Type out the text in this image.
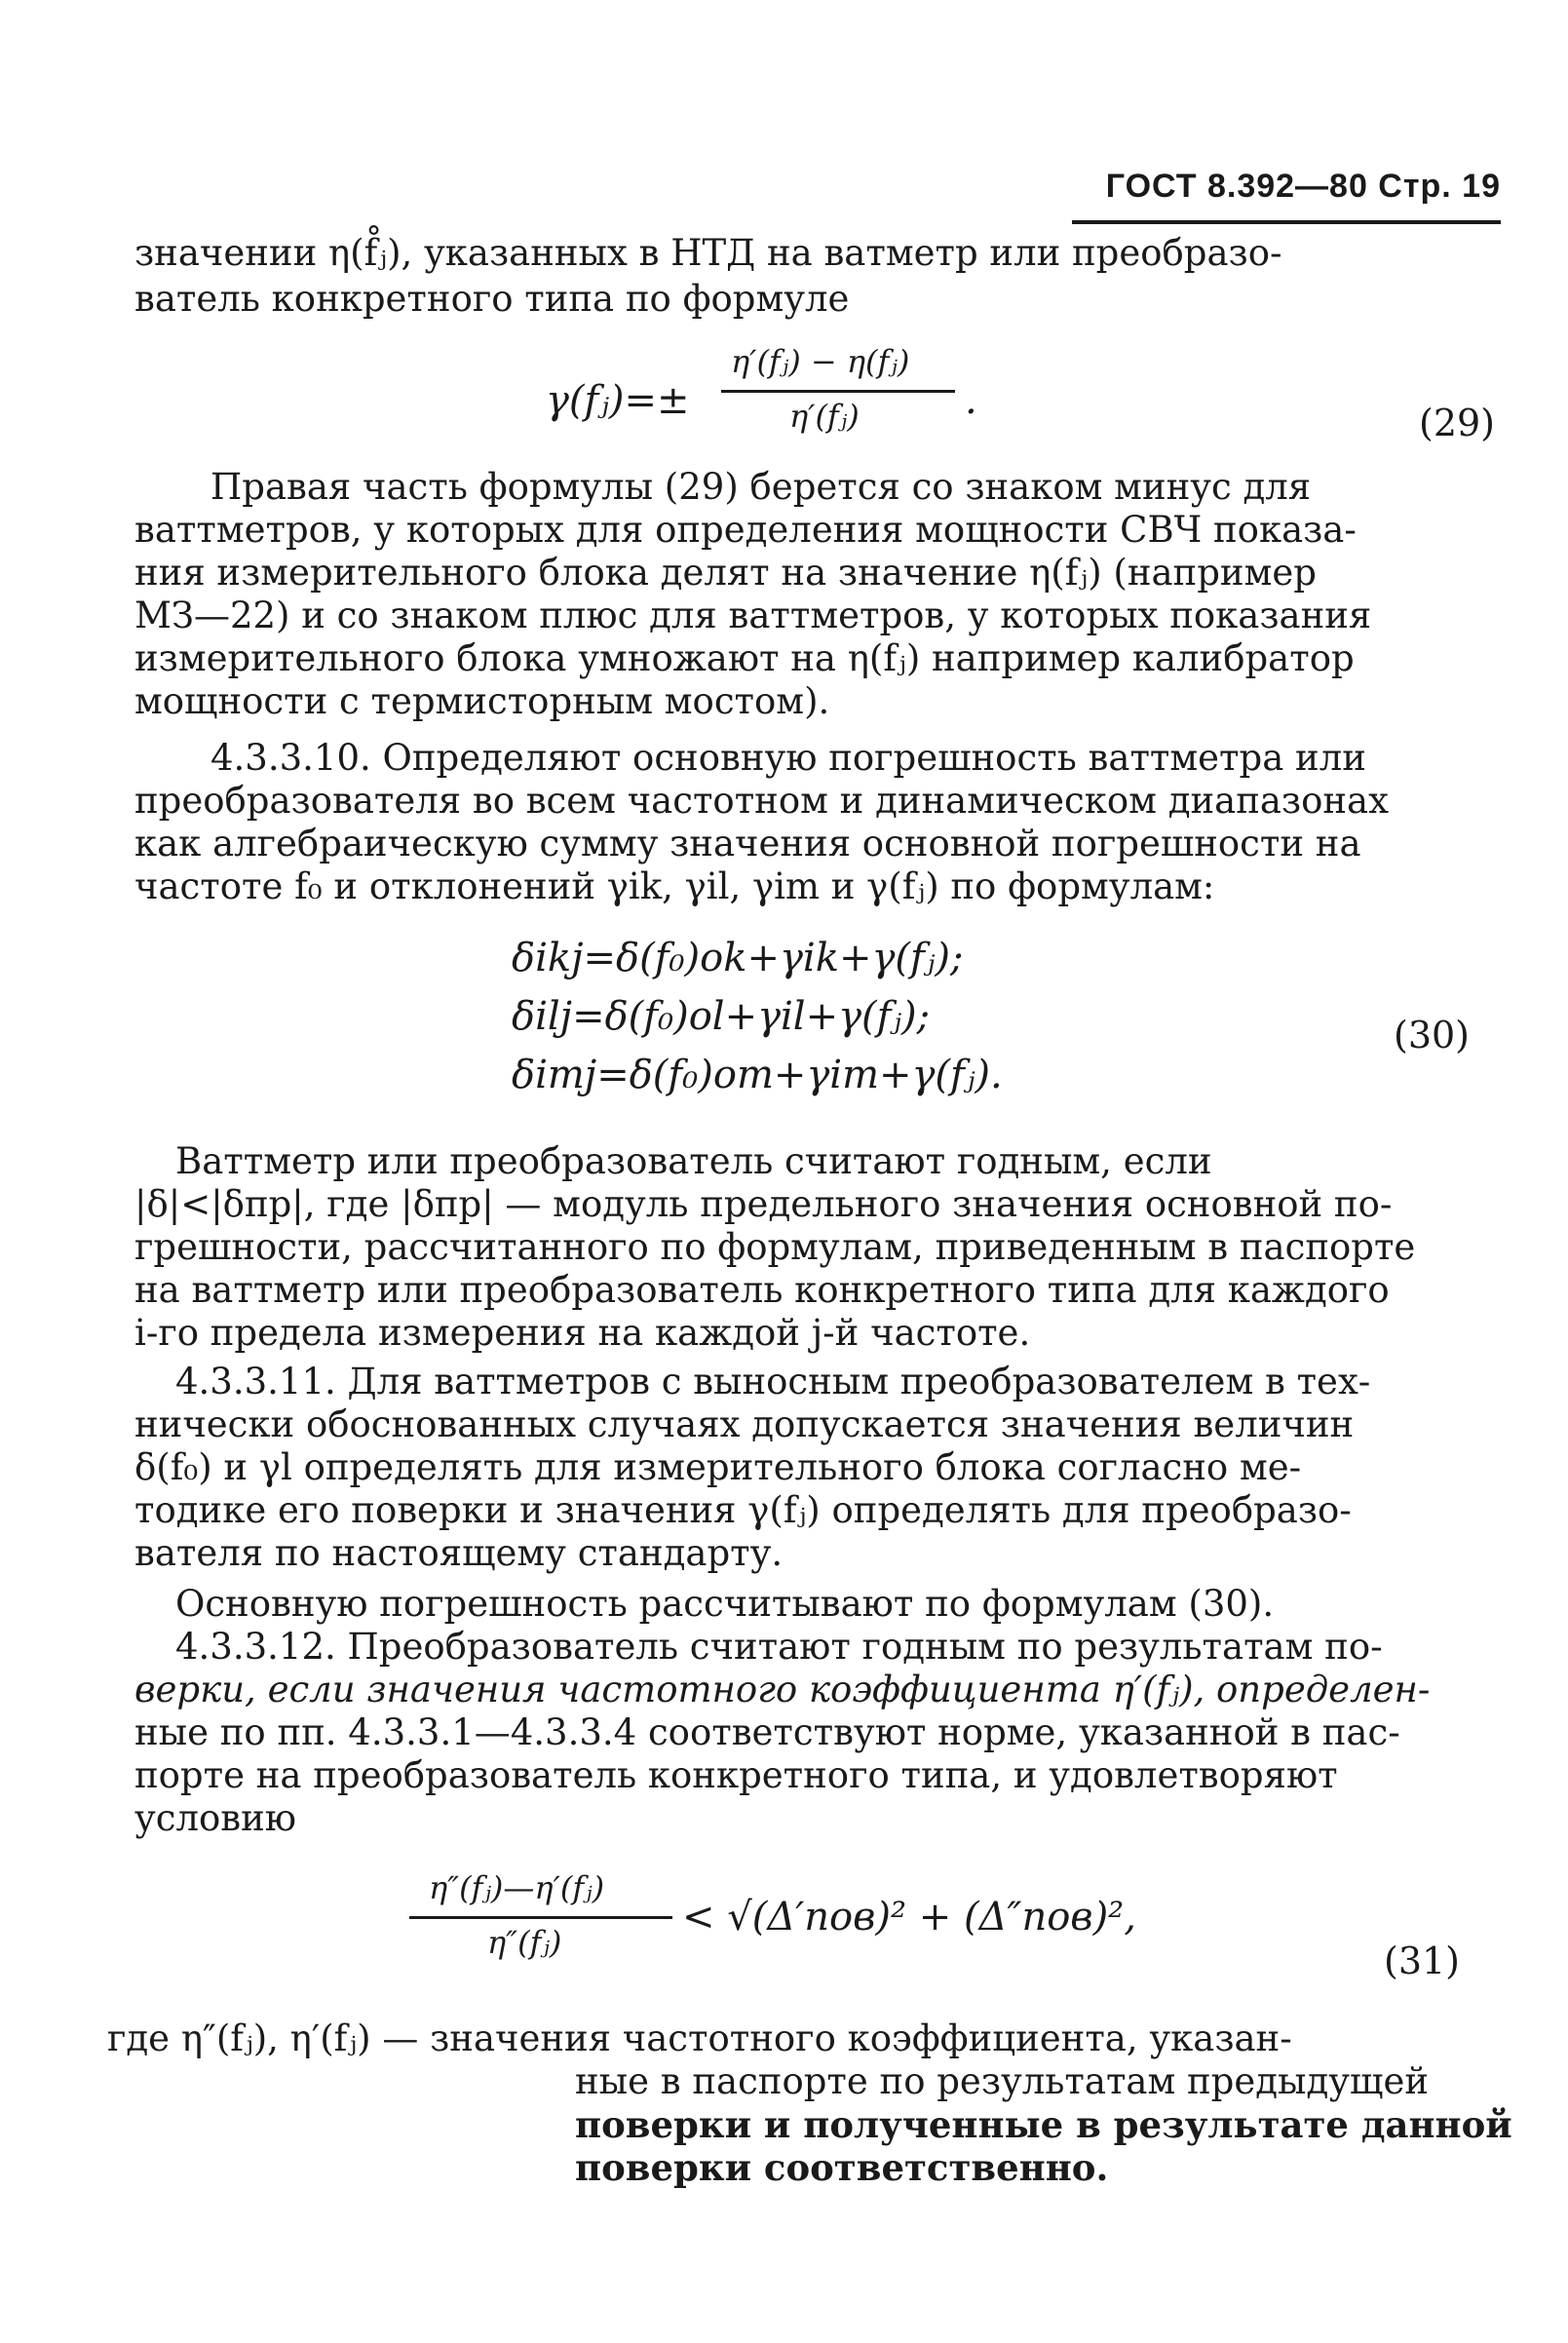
ГОСТ 8.392—80 Стр. 19
значении η(f̊ⱼ), указанных в НТД на ватметр или преобразо-
ватель конкретного типа по формуле
γ(fⱼ)=±
η′(fⱼ) − η(fⱼ)
η′(fⱼ)	.	(29)
Правая часть формулы (29) берется со знаком минус для
ваттметров, у которых для определения мощности СВЧ показа-
ния измерительного блока делят на значение η(fⱼ) (например
МЗ—22) и со знаком плюс для ваттметров, у которых показания
измерительного блока умножают на η(fⱼ) например калибратор
мощности с термисторным мостом).
4.3.3.10. Определяют основную погрешность ваттметра или
преобразователя во всем частотном и динамическом диапазонах
как алгебраическую сумму значения основной погрешности на
частоте f₀ и отклонений γik, γil, γim и γ(fⱼ) по формулам:
δikj=δ(f₀)ok+γik+γ(fⱼ);
δilj=δ(f₀)ol+γil+γ(fⱼ);
δimj=δ(f₀)om+γim+γ(fⱼ).
(30)
Ваттметр или преобразователь считают годным, если
|δ|<|δпр|, где |δпр| — модуль предельного значения основной по-
грешности, рассчитанного по формулам, приведенным в паспорте
на ваттметр или преобразователь конкретного типа для каждого
i-го предела измерения на каждой j-й частоте.
4.3.3.11. Для ваттметров с выносным преобразователем в тех-
нически обоснованных случаях допускается значения величин
δ(f₀) и γl определять для измерительного блока согласно ме-
тодике его поверки и значения γ(fⱼ) определять для преобразо-
вателя по настоящему стандарту.
Основную погрешность рассчитывают по формулам (30).
4.3.3.12. Преобразователь считают годным по результатам по-
верки, если значения частотного коэффициента η′(fⱼ), определен-
ные по пп. 4.3.3.1—4.3.3.4 соответствуют норме, указанной в пас-
порте на преобразователь конкретного типа, и удовлетворяют
условию
η″(fⱼ)—η′(fⱼ)
η″(fⱼ)
< √(Δ′пов)² + (Δ″пов)²,
(31)
где η″(fⱼ), η′(fⱼ) — значения частотного коэффициента, указан-
ные в паспорте по результатам предыдущей
поверки и полученные в результате данной
поверки соответственно.
